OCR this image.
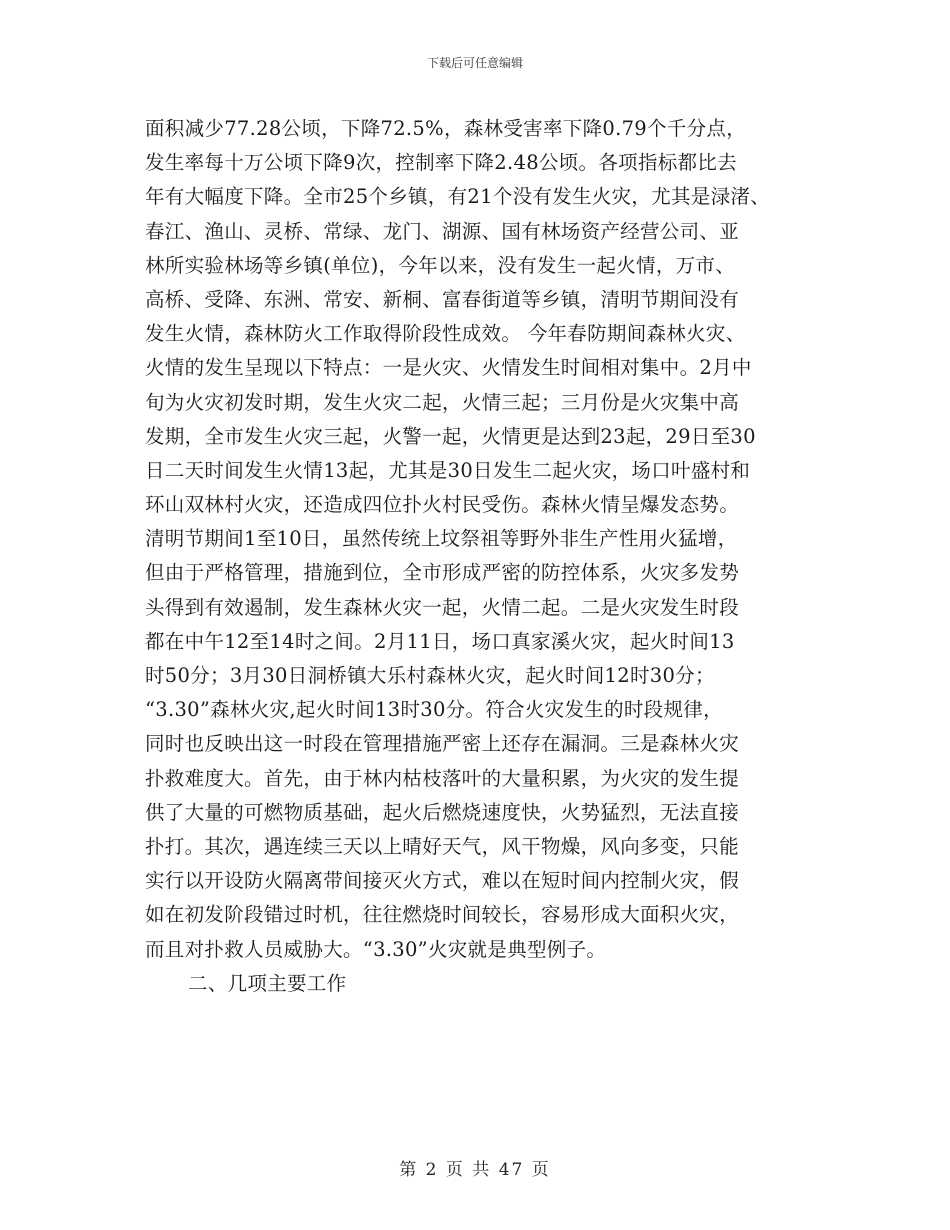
下载后可任意编辑
面积减少77.28公顷，下降72.5%，森林受害率下降0.79个千分点，
发生率每十万公顷下降9次，控制率下降2.48公顷。各项指标都比去
年有大幅度下降。全市25个乡镇，有21个没有发生火灾，尤其是渌渚、
春江、渔山、灵桥、常绿、龙门、湖源、国有林场资产经营公司、亚
林所实验林场等乡镇(单位)，今年以来，没有发生一起火情，万市、
高桥、受降、东洲、常安、新桐、富春街道等乡镇，清明节期间没有
发生火情，森林防火工作取得阶段性成效。 今年春防期间森林火灾、
火情的发生呈现以下特点：一是火灾、火情发生时间相对集中。2月中
旬为火灾初发时期，发生火灾二起，火情三起；三月份是火灾集中高
发期，全市发生火灾三起，火警一起，火情更是达到23起，29日至30
日二天时间发生火情13起，尤其是30日发生二起火灾，场口叶盛村和
环山双林村火灾，还造成四位扑火村民受伤。森林火情呈爆发态势。
清明节期间1至10日，虽然传统上坟祭祖等野外非生产性用火猛增，
但由于严格管理，措施到位，全市形成严密的防控体系，火灾多发势
头得到有效遏制，发生森林火灾一起，火情二起。二是火灾发生时段
都在中午12至14时之间。2月11日，场口真家溪火灾，起火时间13
时50分；3月30日洞桥镇大乐村森林火灾，起火时间12时30分；
“3.30”森林火灾,起火时间13时30分。符合火灾发生的时段规律，
同时也反映出这一时段在管理措施严密上还存在漏洞。三是森林火灾
扑救难度大。首先，由于林内枯枝落叶的大量积累，为火灾的发生提
供了大量的可燃物质基础，起火后燃烧速度快，火势猛烈，无法直接
扑打。其次，遇连续三天以上晴好天气，风干物燥，风向多变，只能
实行以开设防火隔离带间接灭火方式，难以在短时间内控制火灾，假
如在初发阶段错过时机，往往燃烧时间较长，容易形成大面积火灾，
而且对扑救人员威胁大。“3.30”火灾就是典型例子。
二、几项主要工作
第 2 页 共 47 页
